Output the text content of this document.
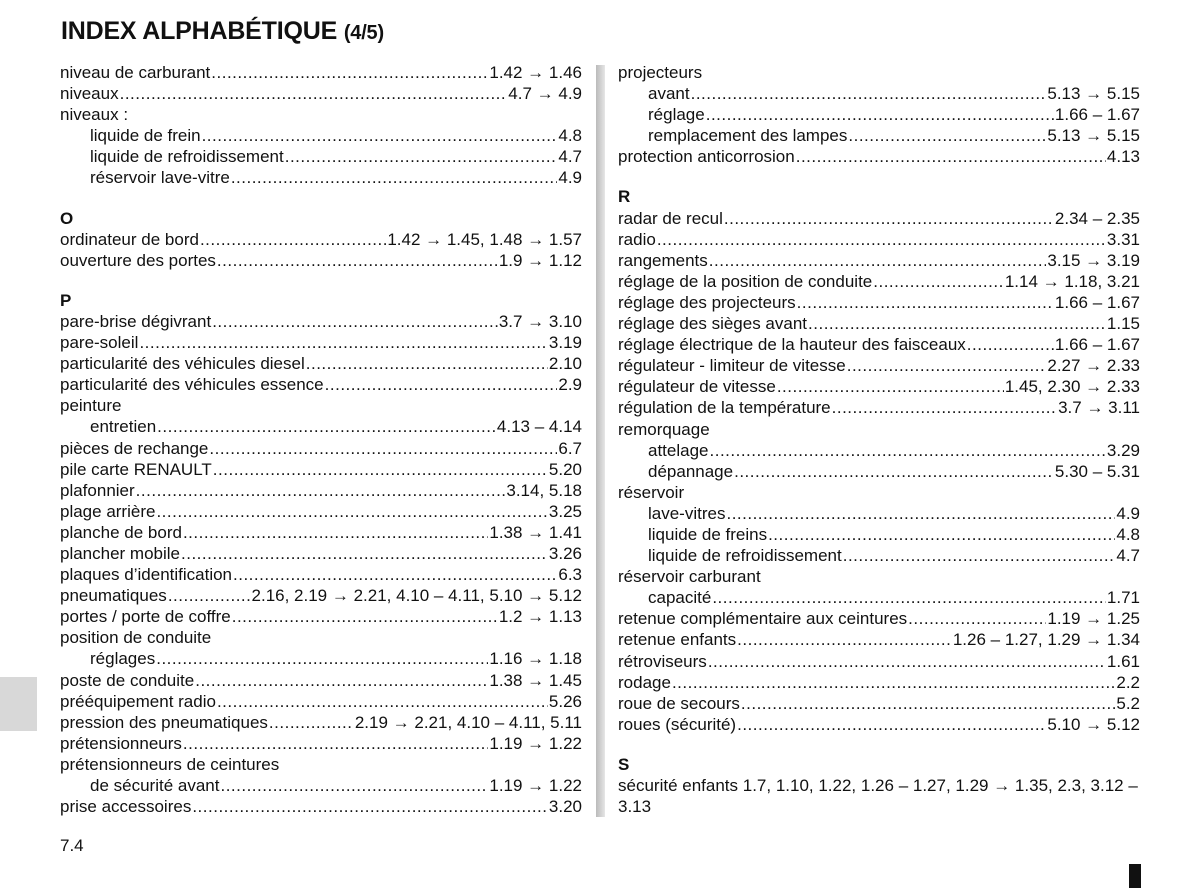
INDEX ALPHABÉTIQUE (4/5)
niveau de carburant .....	1.42 → 1.46
niveaux .....	4.7 → 4.9
niveaux :
liquide de frein .....	4.8
liquide de refroidissement .....	4.7
réservoir lave-vitre .....	4.9
O
ordinateur de bord .....	1.42 → 1.45, 1.48 → 1.57
ouverture des portes .....	1.9 → 1.12
P
pare-brise dégivrant .....	3.7 → 3.10
pare-soleil .....	3.19
particularité des véhicules diesel .....	2.10
particularité des véhicules essence .....	2.9
peinture
entretien .....	4.13 – 4.14
pièces de rechange .....	6.7
pile carte RENAULT .....	5.20
plafonnier .....	3.14, 5.18
plage arrière .....	3.25
planche de bord .....	1.38 → 1.41
plancher mobile .....	3.26
plaques d’identification .....	6.3
pneumatiques .....	2.16, 2.19 → 2.21, 4.10 – 4.11, 5.10 → 5.12
portes / porte de coffre .....	1.2 → 1.13
position de conduite
réglages .....	1.16 → 1.18
poste de conduite .....	1.38 → 1.45
prééquipement radio .....	5.26
pression des pneumatiques .....	2.19 → 2.21, 4.10 – 4.11, 5.11
prétensionneurs .....	1.19 → 1.22
prétensionneurs de ceintures
de sécurité avant .....	1.19 → 1.22
prise accessoires .....	3.20
projecteurs
avant .....	5.13 → 5.15
réglage .....	1.66 – 1.67
remplacement des lampes .....	5.13 → 5.15
protection anticorrosion .....	4.13
R
radar de recul .....	2.34 – 2.35
radio .....	3.31
rangements .....	3.15 → 3.19
réglage de la position de conduite .....	1.14 → 1.18, 3.21
réglage des projecteurs .....	1.66 – 1.67
réglage des sièges avant .....	1.15
réglage électrique de la hauteur des faisceaux .....	1.66 – 1.67
régulateur - limiteur de vitesse .....	2.27 → 2.33
régulateur de vitesse .....	1.45, 2.30 → 2.33
régulation de la température .....	3.7 → 3.11
remorquage
attelage .....	3.29
dépannage .....	5.30 – 5.31
réservoir
lave-vitres .....	4.9
liquide de freins .....	4.8
liquide de refroidissement .....	4.7
réservoir carburant
capacité .....	1.71
retenue complémentaire aux ceintures .....	1.19 → 1.25
retenue enfants .....	1.26 – 1.27, 1.29 → 1.34
rétroviseurs .....	1.61
rodage .....	2.2
roue de secours .....	5.2
roues (sécurité) .....	5.10 → 5.12
S
sécurité enfants 1.7, 1.10, 1.22, 1.26 – 1.27, 1.29 → 1.35, 2.3, 3.12 – 3.13
7.4
